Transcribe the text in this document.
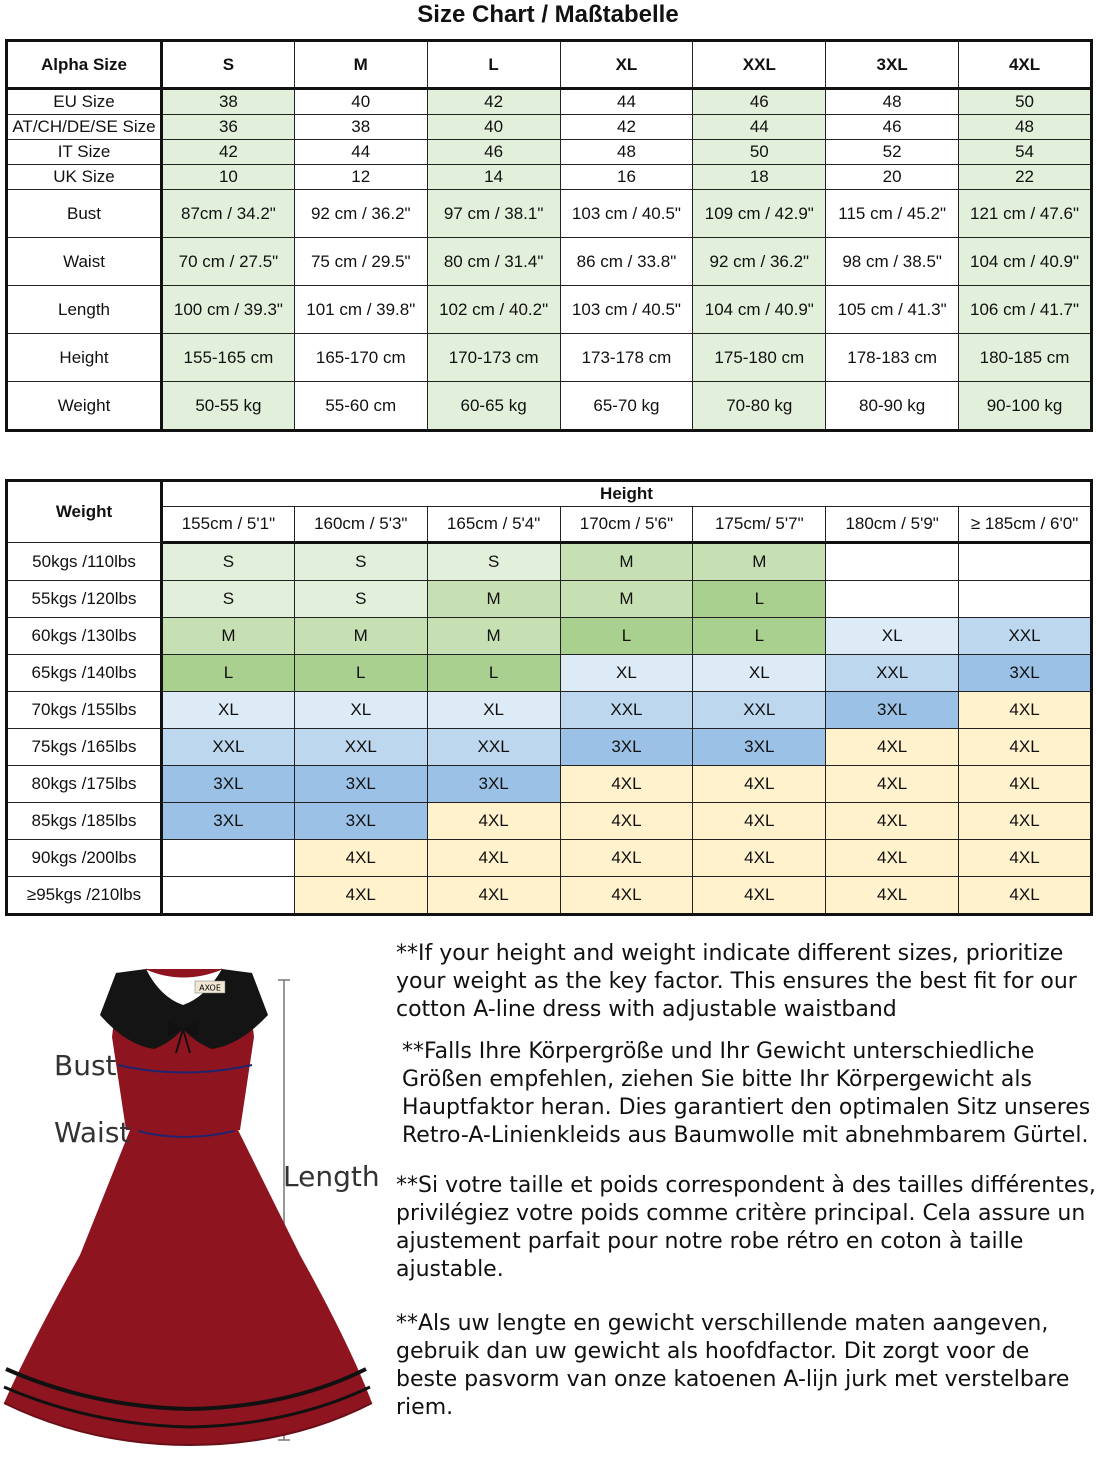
Size Chart / Maßtabelle
Alpha Size	S	M	L	XL	XXL	3XL	4XL
EU Size	38	40	42	44	46	48	50
AT/CH/DE/SE Size	36	38	40	42	44	46	48
IT Size	42	44	46	48	50	52	54
UK Size	10	12	14	16	18	20	22
Bust	87cm / 34.2"	92 cm / 36.2"	97 cm / 38.1"	103 cm / 40.5"	109 cm / 42.9"	115 cm / 45.2"	121 cm / 47.6"
Waist	70 cm / 27.5"	75 cm / 29.5"	80 cm / 31.4"	86 cm / 33.8"	92 cm / 36.2"	98 cm / 38.5"	104 cm / 40.9"
Length	100 cm / 39.3"	101 cm / 39.8"	102 cm / 40.2"	103 cm / 40.5"	104 cm / 40.9"	105 cm / 41.3"	106 cm / 41.7"
Height	155-165 cm	165-170 cm	170-173 cm	173-178 cm	175-180 cm	178-183 cm	180-185 cm
Weight	50-55 kg	55-60 cm	60-65 kg	65-70 kg	70-80 kg	80-90 kg	90-100 kg
Weight	Height						
	155cm / 5'1"	160cm / 5'3"	165cm / 5'4"	170cm / 5'6"	175cm/ 5'7"	180cm / 5'9"	≥ 185cm / 6'0"
50kgs /110lbs	S	S	S	M	M		
55kgs /120lbs	S	S	M	M	L		
60kgs /130lbs	M	M	M	L	L	XL	XXL
65kgs /140lbs	L	L	L	XL	XL	XXL	3XL
70kgs /155lbs	XL	XL	XL	XXL	XXL	3XL	4XL
75kgs /165lbs	XXL	XXL	XXL	3XL	3XL	4XL	4XL
80kgs /175lbs	3XL	3XL	3XL	4XL	4XL	4XL	4XL
85kgs /185lbs	3XL	3XL	4XL	4XL	4XL	4XL	4XL
90kgs /200lbs		4XL	4XL	4XL	4XL	4XL	4XL
≥95kgs /210lbs		4XL	4XL	4XL	4XL	4XL	4XL
AXOE
Bust
Waist
Length

**If your height and weight indicate different sizes, prioritize your weight as the key factor. This ensures the best fit for our cotton A-line dress with adjustable waistband

**Falls Ihre Körpergröße und Ihr Gewicht unterschiedliche Größen empfehlen, ziehen Sie bitte Ihr Körpergewicht als Hauptfaktor heran. Dies garantiert den optimalen Sitz unseres Retro-A-Linienkleids aus Baumwolle mit abnehmbarem Gürtel.

**Si votre taille et poids correspondent à des tailles différentes, privilégiez votre poids comme critère principal. Cela assure un ajustement parfait pour notre robe rétro en coton à taille ajustable.

**Als uw lengte en gewicht verschillende maten aangeven, gebruik dan uw gewicht als hoofdfactor. Dit zorgt voor de beste pasvorm van onze katoenen A-lijn jurk met verstelbare riem.
